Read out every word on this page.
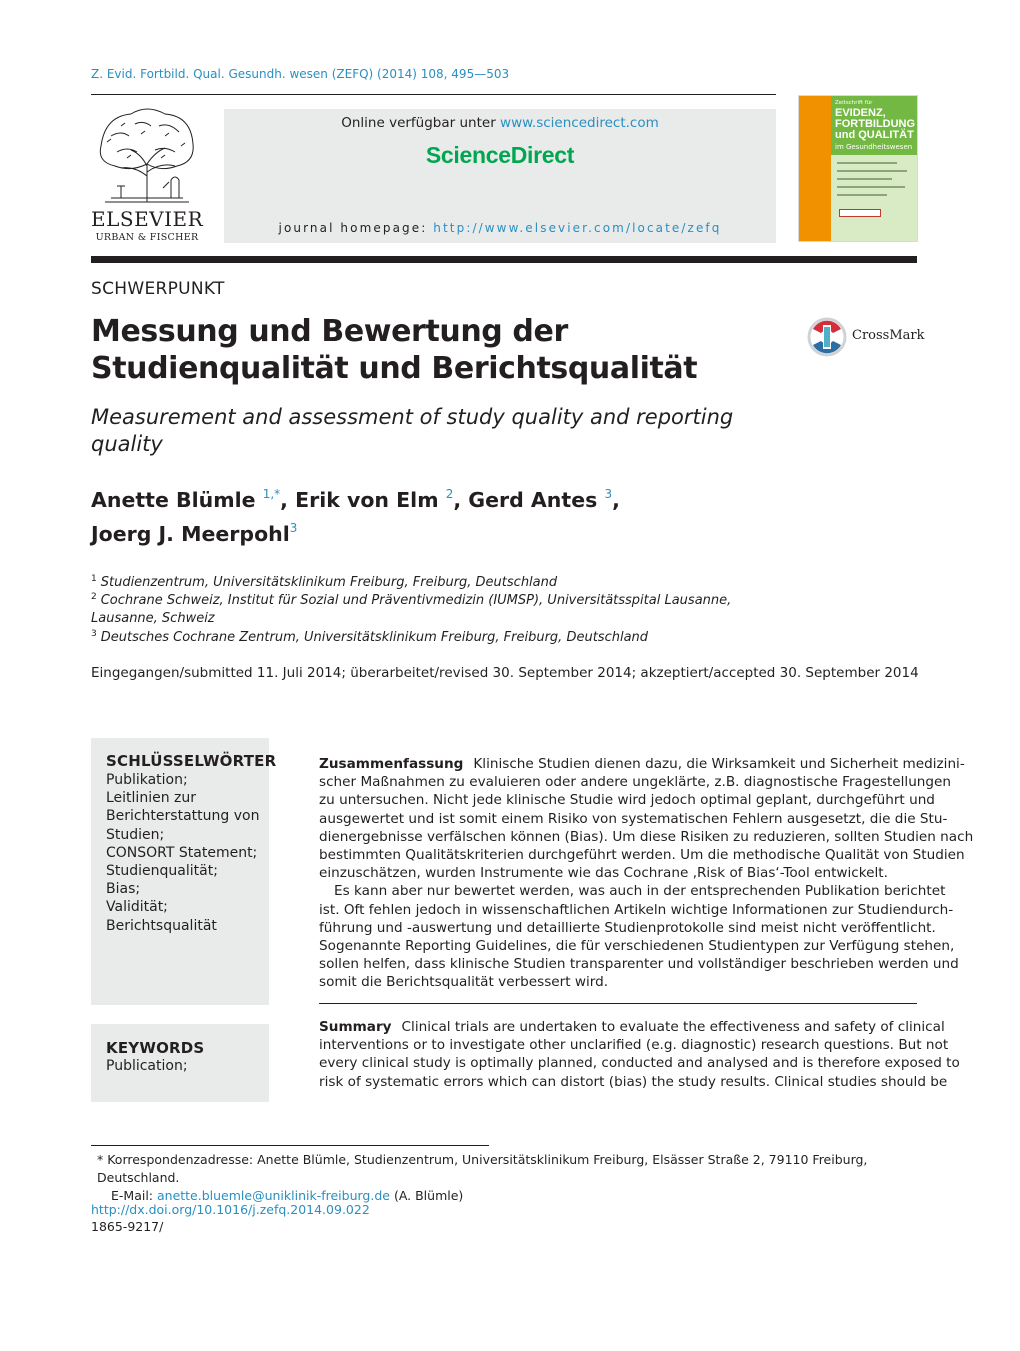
Z. Evid. Fortbild. Qual. Gesundh. wesen (ZEFQ) (2014) 108, 495—503
ELSEVIER
URBAN & FISCHER
Online verfügbar unter www.sciencedirect.com
ScienceDirect
journal homepage: http://www.elsevier.com/locate/zefq
Zeitschrift für
EVIDENZ,
FORTBILDUNG
und QUALITÄT
im Gesundheitswesen
SCHWERPUNKT
Messung und Bewertung der Studienqualität und Berichtsqualität
CrossMark
Measurement and assessment of study quality and reporting quality
Anette Blümle $^{1,*}$, Erik von Elm $^2$, Gerd Antes $^3$,
Joerg J. Meerpohl$^3$
$^1$ Studienzentrum, Universitätsklinikum Freiburg, Freiburg, Deutschland
$^2$ Cochrane Schweiz, Institut für Sozial und Präventivmedizin (IUMSP), Universitätsspital Lausanne,
Lausanne, Schweiz
$^3$ Deutsches Cochrane Zentrum, Universitätsklinikum Freiburg, Freiburg, Deutschland
Eingegangen/submitted 11. Juli 2014; überarbeitet/revised 30. September 2014; akzeptiert/accepted 30. September 2014
SCHLÜSSELWÖRTER
Publikation;
Leitlinien zur
Berichterstattung von
Studien;
CONSORT Statement;
Studienqualität;
Bias;
Validität;
Berichtsqualität
KEYWORDS
Publication;
Zusammenfassung Klinische Studien dienen dazu, die Wirksamkeit und Sicherheit medizini-
scher Maßnahmen zu evaluieren oder andere ungeklärte, z.B. diagnostische Fragestellungen
zu untersuchen. Nicht jede klinische Studie wird jedoch optimal geplant, durchgeführt und
ausgewertet und ist somit einem Risiko von systematischen Fehlern ausgesetzt, die die Stu-
dienergebnisse verfälschen können (Bias). Um diese Risiken zu reduzieren, sollten Studien nach
bestimmten Qualitätskriterien durchgeführt werden. Um die methodische Qualität von Studien
einzuschätzen, wurden Instrumente wie das Cochrane ‚Risk of Bias‘-Tool entwickelt.
Es kann aber nur bewertet werden, was auch in der entsprechenden Publikation berichtet
ist. Oft fehlen jedoch in wissenschaftlichen Artikeln wichtige Informationen zur Studiendurch-
führung und -auswertung und detaillierte Studienprotokolle sind meist nicht veröffentlicht.
Sogenannte Reporting Guidelines, die für verschiedenen Studientypen zur Verfügung stehen,
sollen helfen, dass klinische Studien transparenter und vollständiger beschrieben werden und
somit die Berichtsqualität verbessert wird.
Summary Clinical trials are undertaken to evaluate the effectiveness and safety of clinical
interventions or to investigate other unclarified (e.g. diagnostic) research questions. But not
every clinical study is optimally planned, conducted and analysed and is therefore exposed to
risk of systematic errors which can distort (bias) the study results. Clinical studies should be
* Korrespondenzadresse: Anette Blümle, Studienzentrum, Universitätsklinikum Freiburg, Elsässer Straße 2, 79110 Freiburg, Deutschland.
E-Mail: anette.bluemle@uniklinik-freiburg.de (A. Blümle)
http://dx.doi.org/10.1016/j.zefq.2014.09.022
1865-9217/
